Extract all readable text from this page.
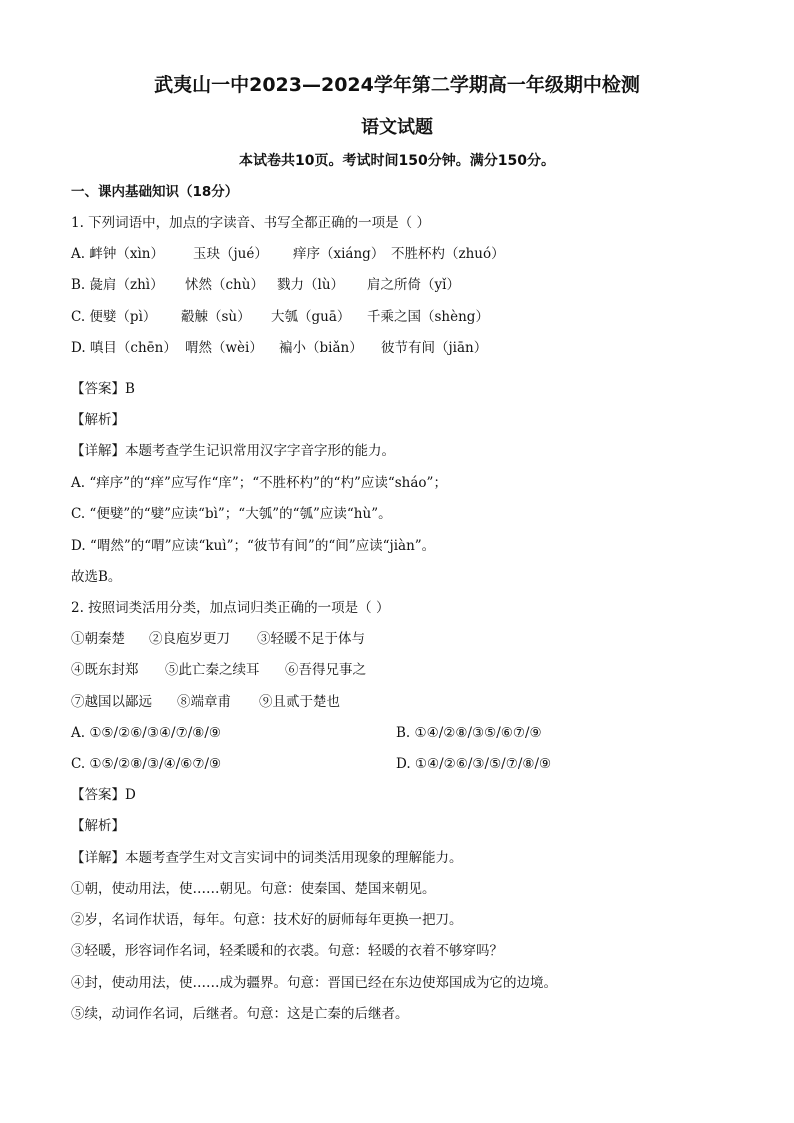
武夷山一中2023—2024学年第二学期高一年级期中检测
语文试题
本试卷共10页。考试时间150分钟。满分150分。
一、课内基础知识（18分）
1. 下列词语中，加点的字读音、书写全都正确的一项是（ ）
A. 衅钟（xìn） 玉玦（jué） 痒序（xiáng） 不胜杯杓（zhuó）
B. 彘肩（zhì） 怵然（chù） 戮力（lù） 肩之所倚（yǐ）
C. 便嬖（pì） 觳觫（sù） 大瓠（guā） 千乘之国（shèng）
D. 嗔目（chēn） 喟然（wèi） 褊小（biǎn） 彼节有间（jiān）
【答案】B
【解析】
【详解】本题考查学生记识常用汉字字音字形的能力。
A. “痒序”的“痒”应写作“庠”；“不胜杯杓”的“杓”应读“sháo”；
C. “便嬖”的“嬖”应读“bì”；“大瓠”的“瓠”应读“hù”。
D. “喟然”的“喟”应读“kuì”；“彼节有间”的“间”应读“jiàn”。
故选B。
2. 按照词类活用分类，加点词归类正确的一项是（ ）
①朝秦楚 ②良庖岁更刀 ③轻暖不足于体与
④既东封郑 ⑤此亡秦之续耳 ⑥吾得兄事之
⑦越国以鄙远 ⑧端章甫 ⑨且贰于楚也
A. ①⑤/②⑥/③④/⑦/⑧/⑨	B. ①④/②⑧/③⑤/⑥⑦/⑨
C. ①⑤/②⑧/③/④/⑥⑦/⑨	D. ①④/②⑥/③/⑤/⑦/⑧/⑨
【答案】D
【解析】
【详解】本题考查学生对文言实词中的词类活用现象的理解能力。
①朝，使动用法，使……朝见。句意：使秦国、楚国来朝见。
②岁，名词作状语，每年。句意：技术好的厨师每年更换一把刀。
③轻暖，形容词作名词，轻柔暖和的衣裘。句意：轻暖的衣着不够穿吗？
④封，使动用法，使……成为疆界。句意：晋国已经在东边使郑国成为它的边境。
⑤续，动词作名词，后继者。句意：这是亡秦的后继者。
